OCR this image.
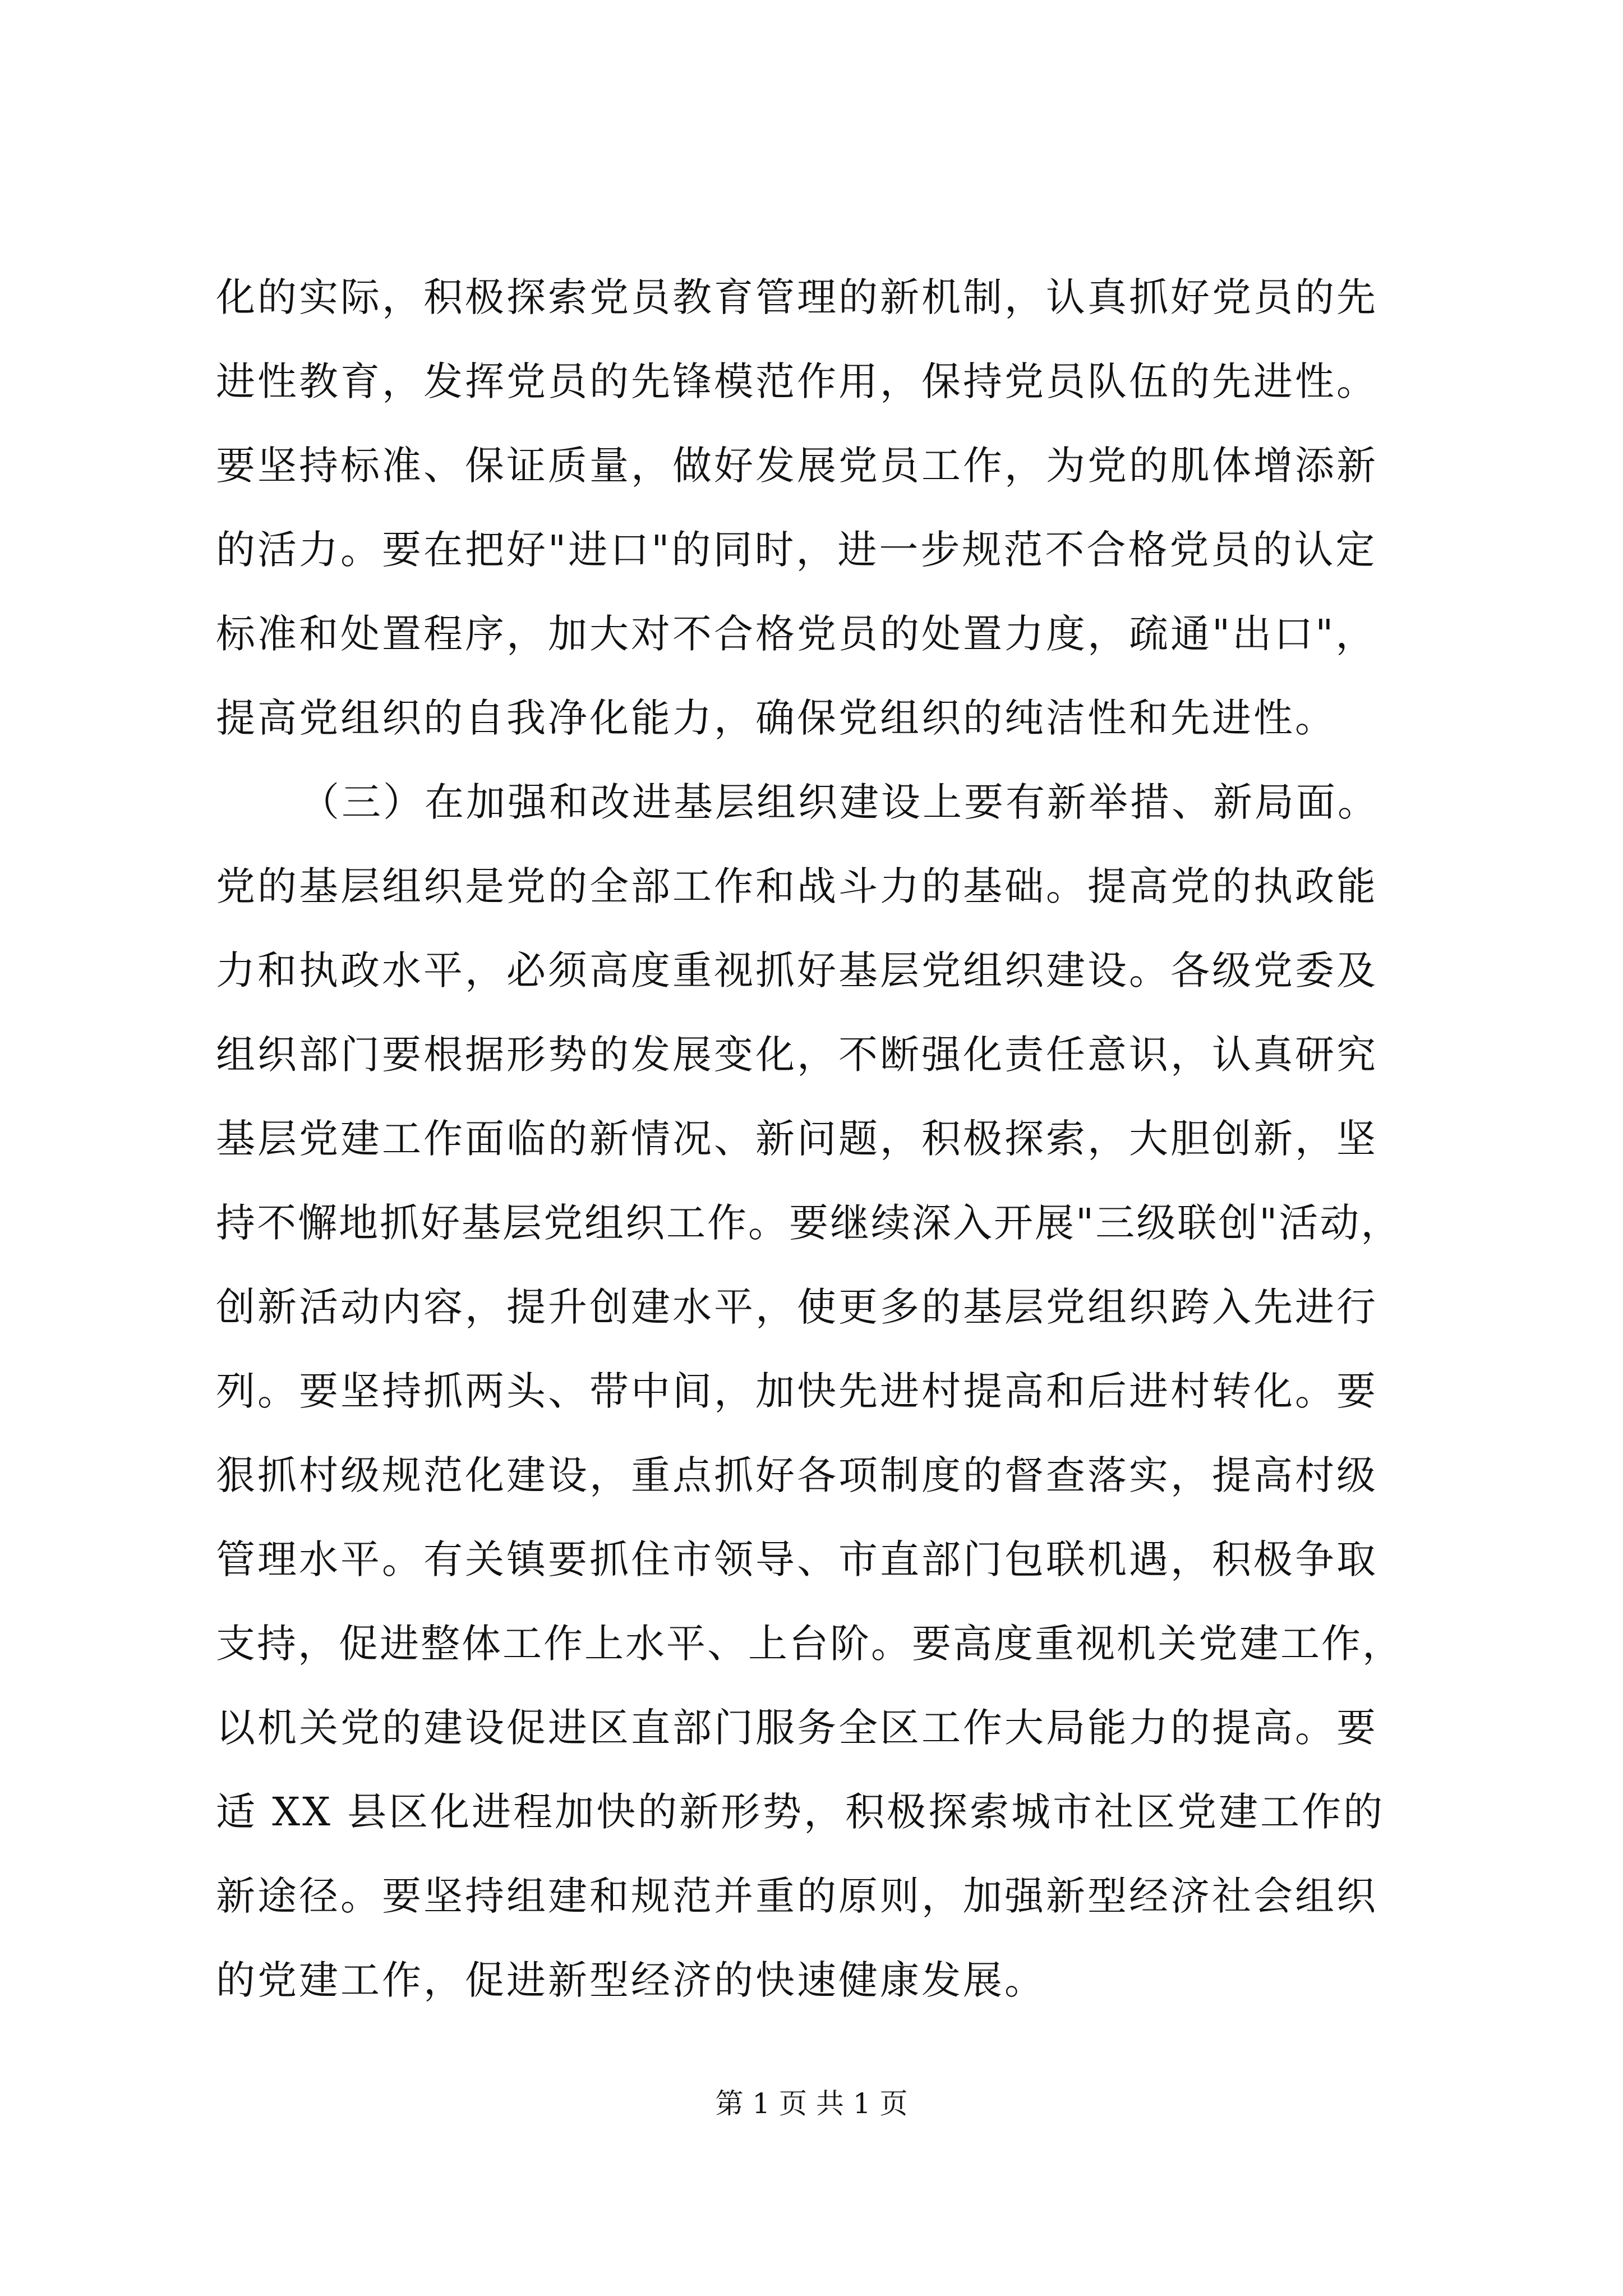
化的实际，积极探索党员教育管理的新机制，认真抓好党员的先
进性教育，发挥党员的先锋模范作用，保持党员队伍的先进性。
要坚持标准、保证质量，做好发展党员工作，为党的肌体增添新
的活力。要在把好"进口"的同时，进一步规范不合格党员的认定
标准和处置程序，加大对不合格党员的处置力度，疏通"出口"，
提高党组织的自我净化能力，确保党组织的纯洁性和先进性。
（三）在加强和改进基层组织建设上要有新举措、新局面。
党的基层组织是党的全部工作和战斗力的基础。提高党的执政能
力和执政水平，必须高度重视抓好基层党组织建设。各级党委及
组织部门要根据形势的发展变化，不断强化责任意识，认真研究
基层党建工作面临的新情况、新问题，积极探索，大胆创新，坚
持不懈地抓好基层党组织工作。要继续深入开展"三级联创"活动，
创新活动内容，提升创建水平，使更多的基层党组织跨入先进行
列。要坚持抓两头、带中间，加快先进村提高和后进村转化。要
狠抓村级规范化建设，重点抓好各项制度的督查落实，提高村级
管理水平。有关镇要抓住市领导、市直部门包联机遇，积极争取
支持，促进整体工作上水平、上台阶。要高度重视机关党建工作，
以机关党的建设促进区直部门服务全区工作大局能力的提高。要
适 XX 县区化进程加快的新形势，积极探索城市社区党建工作的
新途径。要坚持组建和规范并重的原则，加强新型经济社会组织
的党建工作，促进新型经济的快速健康发展。
第 1 页 共 1 页
